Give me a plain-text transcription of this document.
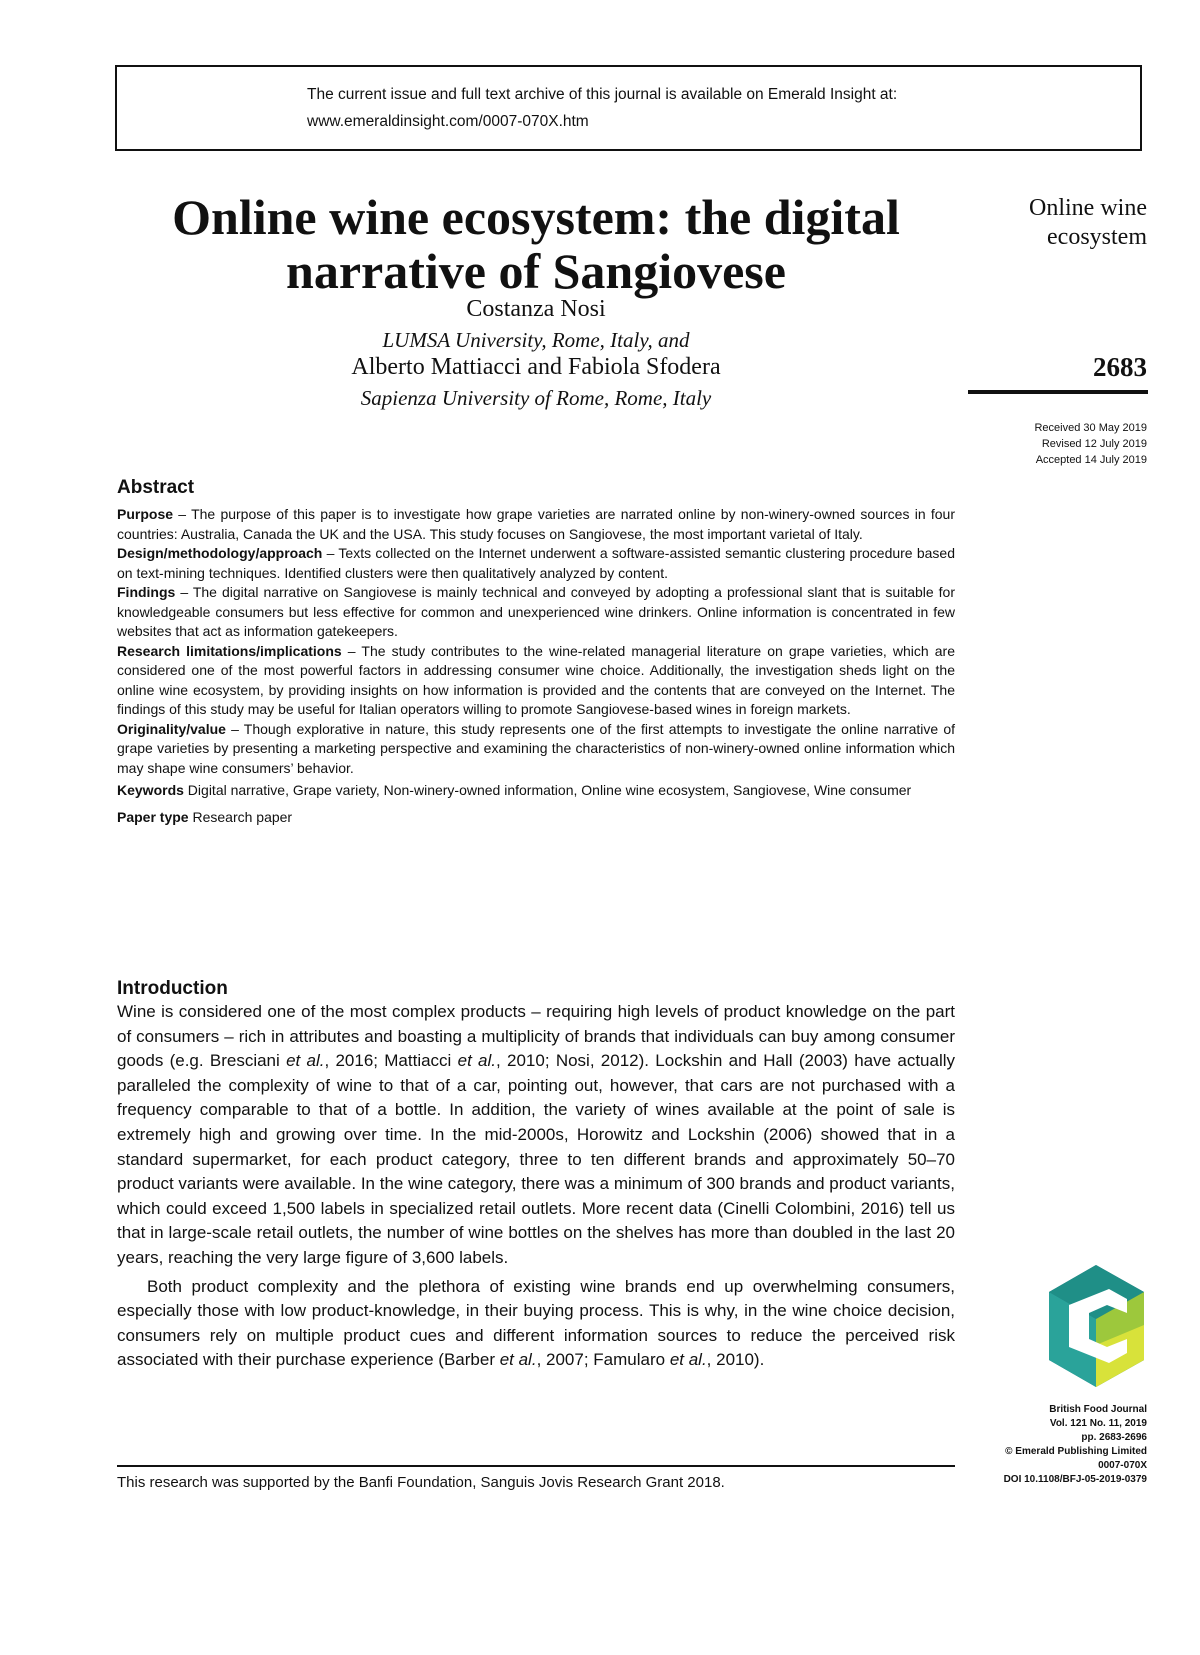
The current issue and full text archive of this journal is available on Emerald Insight at:
www.emeraldinsight.com/0007-070X.htm
Online wine ecosystem: the digital
narrative of Sangiovese
Costanza Nosi
LUMSA University, Rome, Italy, and
Alberto Mattiacci and Fabiola Sfodera
Sapienza University of Rome, Rome, Italy
Online wine
ecosystem
2683
Received 30 May 2019
Revised 12 July 2019
Accepted 14 July 2019
Abstract

Purpose – The purpose of this paper is to investigate how grape varieties are narrated online by non-winery-owned sources in four countries: Australia, Canada the UK and the USA. This study focuses on Sangiovese, the most important varietal of Italy.

Design/methodology/approach – Texts collected on the Internet underwent a software-assisted semantic clustering procedure based on text-mining techniques. Identified clusters were then qualitatively analyzed by content.

Findings – The digital narrative on Sangiovese is mainly technical and conveyed by adopting a professional slant that is suitable for knowledgeable consumers but less effective for common and unexperienced wine drinkers. Online information is concentrated in few websites that act as information gatekeepers.

Research limitations/implications – The study contributes to the wine-related managerial literature on grape varieties, which are considered one of the most powerful factors in addressing consumer wine choice. Additionally, the investigation sheds light on the online wine ecosystem, by providing insights on how information is provided and the contents that are conveyed on the Internet. The findings of this study may be useful for Italian operators willing to promote Sangiovese-based wines in foreign markets.

Originality/value – Though explorative in nature, this study represents one of the first attempts to investigate the online narrative of grape varieties by presenting a marketing perspective and examining the characteristics of non-winery-owned online information which may shape wine consumers’ behavior.

Keywords Digital narrative, Grape variety, Non-winery-owned information, Online wine ecosystem, Sangiovese, Wine consumer

Paper type Research paper

Introduction

Wine is considered one of the most complex products – requiring high levels of product knowledge on the part of consumers – rich in attributes and boasting a multiplicity of brands that individuals can buy among consumer goods (e.g. Bresciani et al., 2016; Mattiacci et al., 2010; Nosi, 2012). Lockshin and Hall (2003) have actually paralleled the complexity of wine to that of a car, pointing out, however, that cars are not purchased with a frequency comparable to that of a bottle. In addition, the variety of wines available at the point of sale is extremely high and growing over time. In the mid-2000s, Horowitz and Lockshin (2006) showed that in a standard supermarket, for each product category, three to ten different brands and approximately 50–70 product variants were available. In the wine category, there was a minimum of 300 brands and product variants, which could exceed 1,500 labels in specialized retail outlets. More recent data (Cinelli Colombini, 2016) tell us that in large-scale retail outlets, the number of wine bottles on the shelves has more than doubled in the last 20 years, reaching the very large figure of 3,600 labels.

Both product complexity and the plethora of existing wine brands end up overwhelming consumers, especially those with low product-knowledge, in their buying process. This is why, in the wine choice decision, consumers rely on multiple product cues and different information sources to reduce the perceived risk associated with their purchase experience (Barber et al., 2007; Famularo et al., 2010).

This research was supported by the Banfi Foundation, Sanguis Jovis Research Grant 2018.
British Food Journal
Vol. 121 No. 11, 2019
pp. 2683-2696
© Emerald Publishing Limited
0007-070X
DOI 10.1108/BFJ-05-2019-0379
